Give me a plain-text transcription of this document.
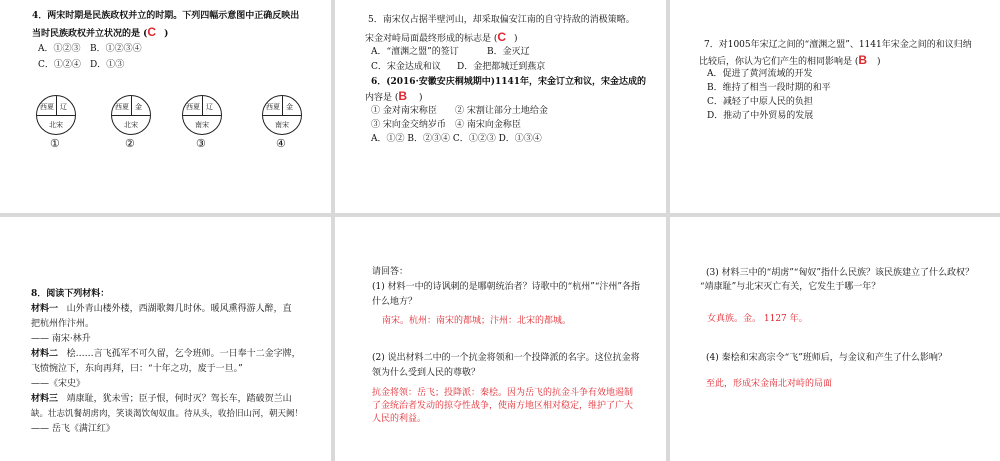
4．两宋时期是民族政权并立的时期。下列四幅示意图中正确反映出
当时民族政权并立状况的是 (C )
A．①②③ B．①②③④
C．①②④ D．①③
西夏 辽
北宋
①
西夏 金
北宋
②
西夏 辽
南宋
③
西夏 金
南宋
④
5．南宋仅占据半壁河山，却采取偏安江南的自守持敌的消极策略。
宋金对峙局面最终形成的标志是 (C )
A．“澶渊之盟”的签订	B．金灭辽
C．宋金达成和议 D．金把都城迁到燕京
6．(2016·安徽安庆桐城期中)1141年，宋金订立和议，宋金达成的
内容是 (B )
① 金对南宋称臣 ② 宋割让部分土地给金
③ 宋向金交纳岁币 ④ 南宋向金称臣
A．①② B．②③④ C．①②③ D．①③④
7．对1005年宋辽之间的“澶渊之盟”、1141年宋金之间的和议归纳
比较后，你认为它们产生的相同影响是 (B )
A．促进了黄河流域的开发
B．维持了相当一段时期的和平
C．减轻了中原人民的负担
D．推动了中外贸易的发展
8．阅读下列材料：
材料一 山外青山楼外楼，西湖歌舞几时休。暖风熏得游人醉，直
把杭州作汴州。
—— 南宋·林升
材料二 桧……言飞孤军不可久留，乞令班师。一日奉十二金字牌，
飞愤惋泣下，东向再拜，曰：“十年之功，废于一旦。”
——《宋史》
材料三 靖康耻，犹未雪；臣子恨，何时灭？驾长车，踏破贺兰山
缺。壮志饥餐胡虏肉，笑谈渴饮匈奴血。待从头，收拾旧山河，朝天阙！
—— 岳飞《满江红》
请回答：
(1) 材料一中的诗讽刺的是哪朝统治者？诗歌中的“杭州”“汴州”各指
什么地方？
南宋。杭州：南宋的都城；汴州：北宋的都城。
(2) 说出材料二中的一个抗金将领和一个投降派的名字。这位抗金将
领为什么受到人民的尊敬？
抗金将领：岳飞；投降派：秦桧。因为岳飞的抗金斗争有效地遏制
了金统治者发动的掠夺性战争，使南方地区相对稳定，维护了广大
人民的利益。
(3) 材料三中的“胡虏”“匈奴”指什么民族？该民族建立了什么政权？
“靖康耻”与北宋灭亡有关，它发生于哪一年？
女真族。金。 1127 年。
(4) 秦桧和宋高宗令“飞”班师后，与金议和产生了什么影响？
至此，形成宋金南北对峙的局面
